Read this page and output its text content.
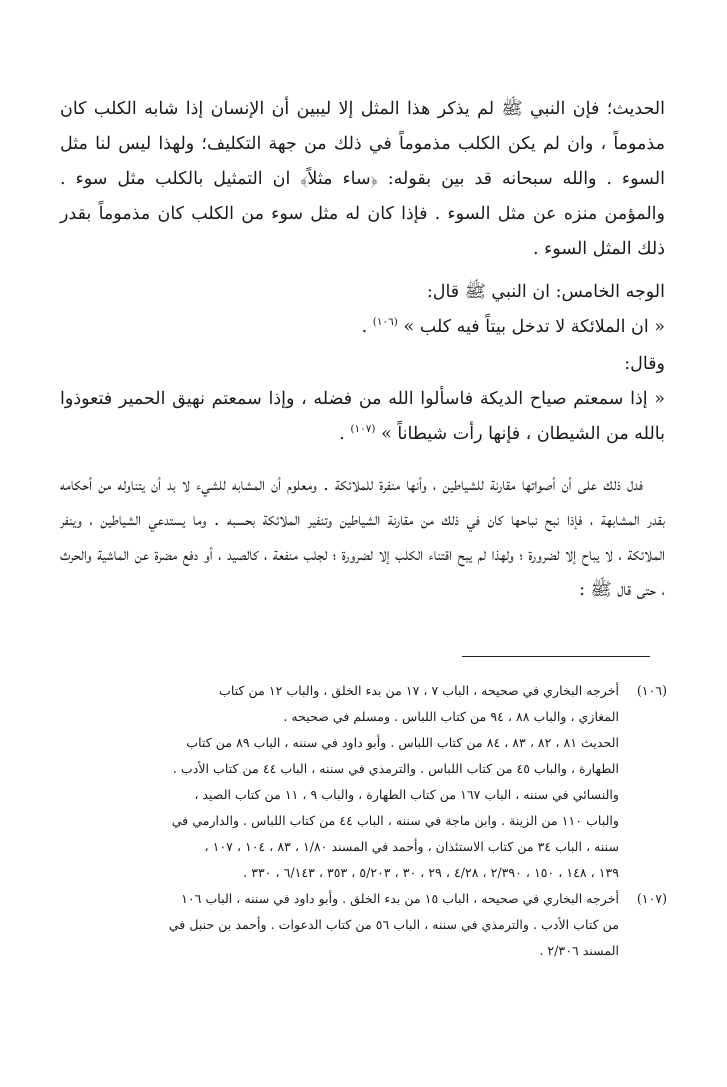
الحديث؛ فإن النبي ﷺ لم يذكر هذا المثل إلا ليبين أن الإنسان إذا شابه الكلب كان مذموماً ، وان لم يكن الكلب مذموماً في ذلك من جهة التكليف؛ ولهذا ليس لنا مثل السوء . والله سبحانه قد بين بقوله: ﴿ساء مثلاً﴾ ان التمثيل بالكلب مثل سوء . والمؤمن منزه عن مثل السوء . فإذا كان له مثل سوء من الكلب كان مذموماً بقدر ذلك المثل السوء .

الوجه الخامس: ان النبي ﷺ قال:

« ان الملائكة لا تدخل بيتاً فيه كلب » $^{(١٠٦)}$ .

وقال:

« إذا سمعتم صياح الديكة فاسألوا الله من فضله ، وإذا سمعتم نهيق الحمير فتعوذوا بالله من الشيطان ، فإنها رأت شيطاناً » $^{(١٠٧)}$ .

فدل ذلك على أن أصواتها مقارنة للشياطين ، وأنها منفرة للملائكة . ومعلوم أن المشابه للشيء لا بد أن يتناوله من أحكامه بقدر المشابهة ، فإذا نبح نباحها كان في ذلك من مقارنة الشياطين وتنفير الملائكة بحسبه . وما يستدعي الشياطين ، وينفر الملائكة ، لا يباح إلا لضرورة ؛ ولهذا لم يبح اقتناء الكلب إلا لضرورة ؛ لجلب منفعة ، كالصيد ، أو دفع مضرة عن الماشية والحرث ، حتى قال ﷺ :

(١٠٦)
أخرجه البخاري في صحيحه ، الباب ٧ ، ١٧ من بدء الخلق ، والباب ١٢ من كتاب
المغازي ، والباب ٨٨ ، ٩٤ من كتاب اللباس . ومسلم في صحيحه .
الحديث ٨١ ، ٨٢ ، ٨٣ ، ٨٤ من كتاب اللباس . وأبو داود في سننه ، الباب ٨٩ من كتاب
الطهارة ، والباب ٤٥ من كتاب اللباس . والترمذي في سننه ، الباب ٤٤ من كتاب الأدب .
والنسائي في سننه ، الباب ١٦٧ من كتاب الطهارة ، والباب ٩ ، ١١ من كتاب الصيد ،
والباب ١١٠ من الزينة . وابن ماجة في سننه ، الباب ٤٤ من كتاب اللباس . والدارمي في
سننه ، الباب ٣٤ من كتاب الاستئذان ، وأحمد في المسند ١/٨٠ ، ٨٣ ، ١٠٤ ، ١٠٧ ،
١٣٩ ، ١٤٨ ، ١٥٠ ، ٢/٣٩٠ ، ٤/٢٨ ، ٢٩ ، ٣٠ ، ٥/٢٠٣ ، ٣٥٣ ، ٦/١٤٣ ، ٣٣٠ .
(١٠٧)
أخرجه البخاري في صحيحه ، الباب ١٥ من بدء الخلق . وأبو داود في سننه ، الباب ١٠٦
من كتاب الأدب . والترمذي في سننه ، الباب ٥٦ من كتاب الدعوات . وأحمد بن حنبل في
المسند ٢/٣٠٦ .
